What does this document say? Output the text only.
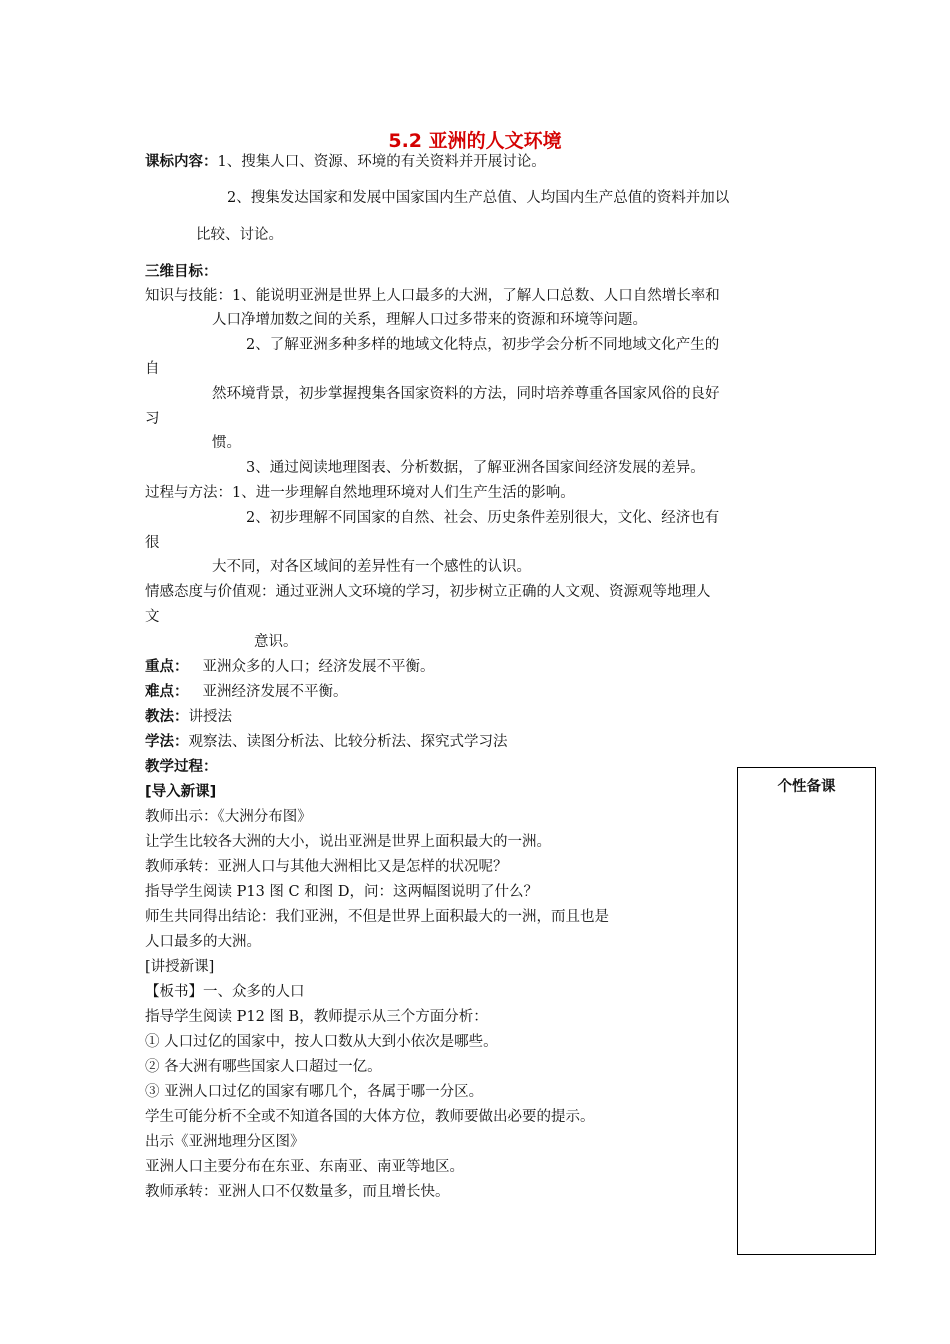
5.2 亚洲的人文环境
课标内容：1、搜集人口、资源、环境的有关资料并开展讨论。
2、搜集发达国家和发展中国家国内生产总值、人均国内生产总值的资料并加以
比较、讨论。
三维目标：
知识与技能：1、能说明亚洲是世界上人口最多的大洲，了解人口总数、人口自然增长率和
人口净增加数之间的关系，理解人口过多带来的资源和环境等问题。
2、了解亚洲多种多样的地域文化特点，初步学会分析不同地域文化产生的
自
然环境背景，初步掌握搜集各国家资料的方法，同时培养尊重各国家风俗的良好
习
惯。
3、通过阅读地理图表、分析数据，了解亚洲各国家间经济发展的差异。
过程与方法：1、进一步理解自然地理环境对人们生产生活的影响。
2、初步理解不同国家的自然、社会、历史条件差别很大，文化、经济也有
很
大不同，对各区域间的差异性有一个感性的认识。
情感态度与价值观：通过亚洲人文环境的学习，初步树立正确的人文观、资源观等地理人
文
意识。
重点： 亚洲众多的人口；经济发展不平衡。
难点： 亚洲经济发展不平衡。
教法：讲授法
学法：观察法、读图分析法、比较分析法、探究式学习法
教学过程：
[导入新课]
教师出示：《大洲分布图》
让学生比较各大洲的大小，说出亚洲是世界上面积最大的一洲。
教师承转：亚洲人口与其他大洲相比又是怎样的状况呢？
指导学生阅读 P13 图 C 和图 D，问：这两幅图说明了什么？
师生共同得出结论：我们亚洲，不但是世界上面积最大的一洲，而且也是
人口最多的大洲。
[讲授新课]
【板书】一、众多的人口
指导学生阅读 P12 图 B，教师提示从三个方面分析：
① 人口过亿的国家中，按人口数从大到小依次是哪些。
② 各大洲有哪些国家人口超过一亿。
③ 亚洲人口过亿的国家有哪几个，各属于哪一分区。
学生可能分析不全或不知道各国的大体方位，教师要做出必要的提示。
出示《亚洲地理分区图》
亚洲人口主要分布在东亚、东南亚、南亚等地区。
教师承转：亚洲人口不仅数量多，而且增长快。
个性备课
